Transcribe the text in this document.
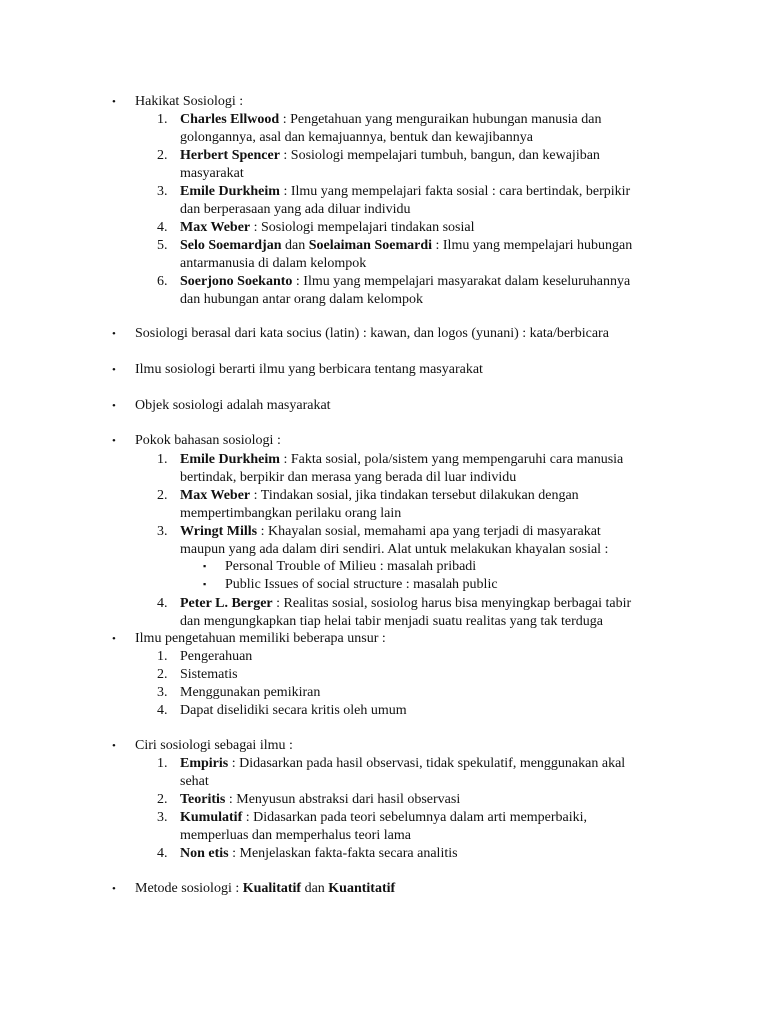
• Hakikat Sosiologi :
1. Charles Ellwood : Pengetahuan yang menguraikan hubungan manusia dan
golongannya, asal dan kemajuannya, bentuk dan kewajibannya
2. Herbert Spencer : Sosiologi mempelajari tumbuh, bangun, dan kewajiban
masyarakat
3. Emile Durkheim : Ilmu yang mempelajari fakta sosial : cara bertindak, berpikir
dan berperasaan yang ada diluar individu
4. Max Weber : Sosiologi mempelajari tindakan sosial
5. Selo Soemardjan dan Soelaiman Soemardi : Ilmu yang mempelajari hubungan
antarmanusia di dalam kelompok
6. Soerjono Soekanto : Ilmu yang mempelajari masyarakat dalam keseluruhannya
dan hubungan antar orang dalam kelompok
• Sosiologi berasal dari kata socius (latin) : kawan, dan logos (yunani) : kata/berbicara
• Ilmu sosiologi berarti ilmu yang berbicara tentang masyarakat
• Objek sosiologi adalah masyarakat
• Pokok bahasan sosiologi :
1. Emile Durkheim : Fakta sosial, pola/sistem yang mempengaruhi cara manusia
bertindak, berpikir dan merasa yang berada dil luar individu
2. Max Weber : Tindakan sosial, jika tindakan tersebut dilakukan dengan
mempertimbangkan perilaku orang lain
3. Wringt Mills : Khayalan sosial, memahami apa yang terjadi di masyarakat
maupun yang ada dalam diri sendiri. Alat untuk melakukan khayalan sosial :
▪ Personal Trouble of Milieu : masalah pribadi
▪ Public Issues of social structure : masalah public
4. Peter L. Berger : Realitas sosial, sosiolog harus bisa menyingkap berbagai tabir
dan mengungkapkan tiap helai tabir menjadi suatu realitas yang tak terduga
• Ilmu pengetahuan memiliki beberapa unsur :
1. Pengerahuan
2. Sistematis
3. Menggunakan pemikiran
4. Dapat diselidiki secara kritis oleh umum
• Ciri sosiologi sebagai ilmu :
1. Empiris : Didasarkan pada hasil observasi, tidak spekulatif, menggunakan akal
sehat
2. Teoritis : Menyusun abstraksi dari hasil observasi
3. Kumulatif : Didasarkan pada teori sebelumnya dalam arti memperbaiki,
memperluas dan memperhalus teori lama
4. Non etis : Menjelaskan fakta-fakta secara analitis
• Metode sosiologi : Kualitatif dan Kuantitatif
